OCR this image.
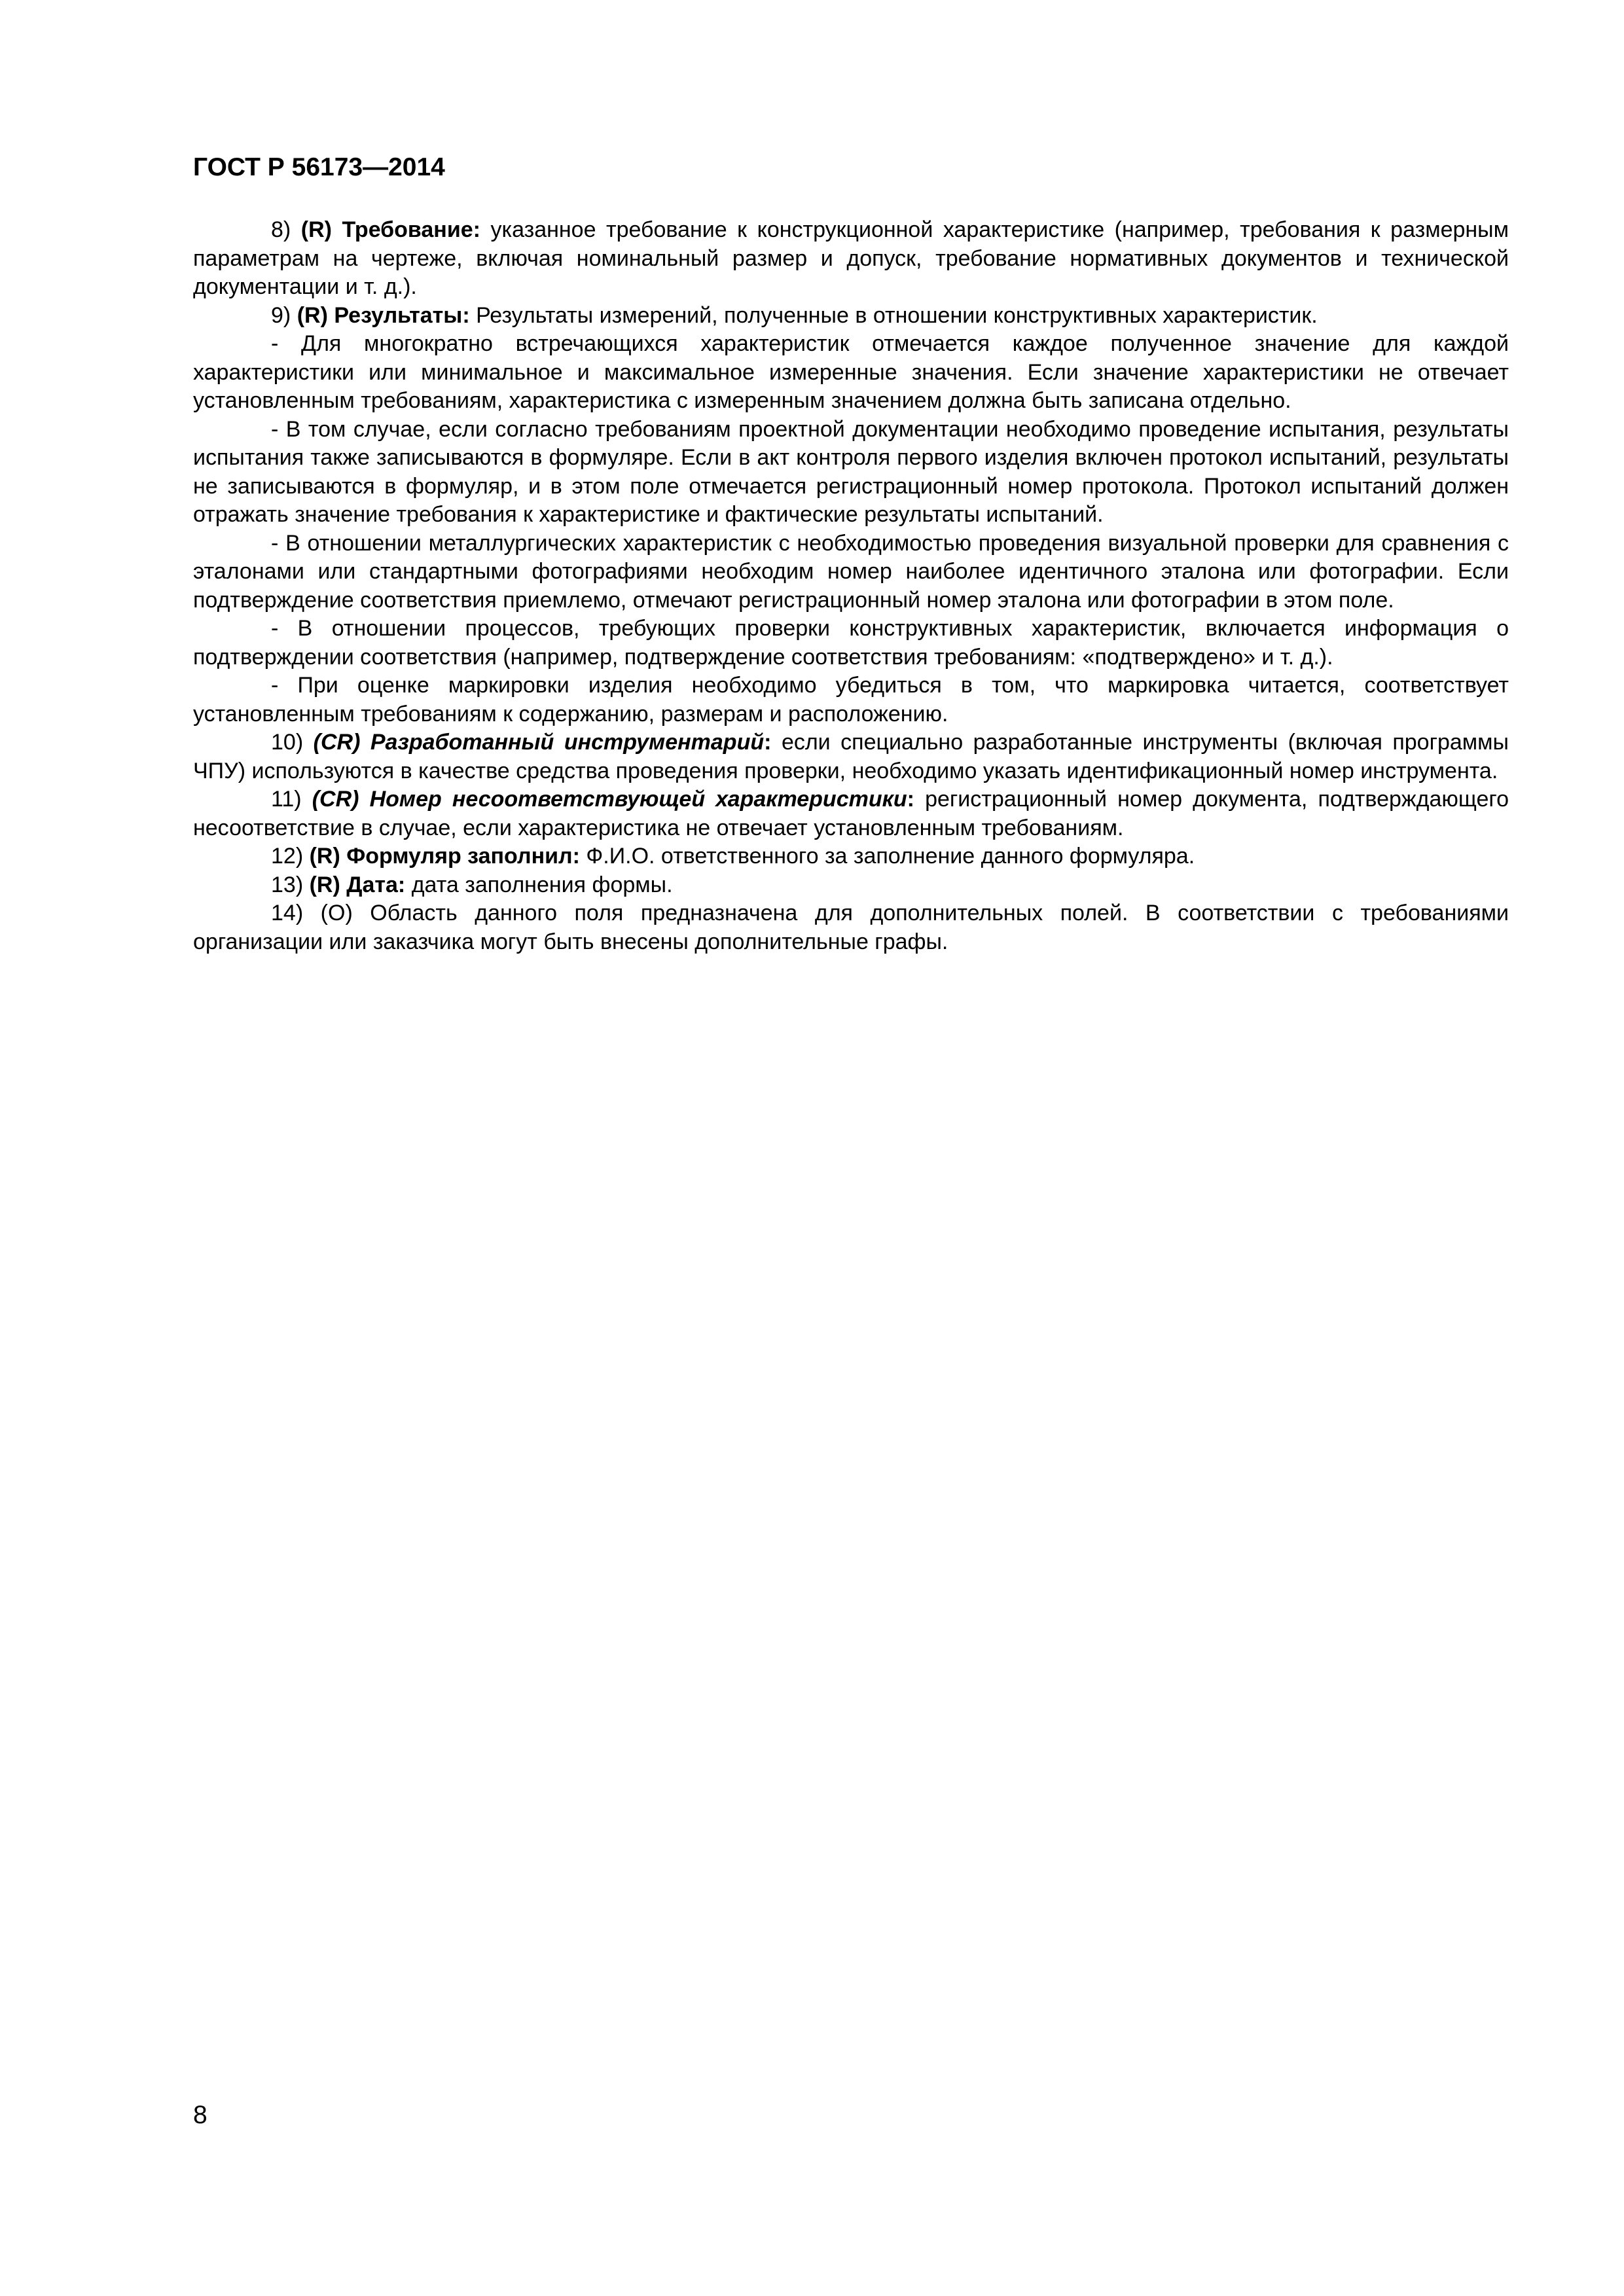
ГОСТ Р 56173—2014

8) (R) Требование: указанное требование к конструкционной характеристике (например, требования к размерным параметрам на чертеже, включая номинальный размер и допуск, требование нормативных документов и технической документации и т. д.).

9) (R) Результаты: Результаты измерений, полученные в отношении конструктивных характеристик.

- Для многократно встречающихся характеристик отмечается каждое полученное значение для каждой характеристики или минимальное и максимальное измеренные значения. Если значение характеристики не отвечает установленным требованиям, характеристика с измеренным значением должна быть записана отдельно.

- В том случае, если согласно требованиям проектной документации необходимо проведение испытания, результаты испытания также записываются в формуляре. Если в акт контроля первого изделия включен протокол испытаний, результаты не записываются в формуляр, и в этом поле отмечается регистрационный номер протокола. Протокол испытаний должен отражать значение требования к характеристике и фактические результаты испытаний.

- В отношении металлургических характеристик с необходимостью проведения визуальной проверки для сравнения с эталонами или стандартными фотографиями необходим номер наиболее идентичного эталона или фотографии. Если подтверждение соответствия приемлемо, отмечают регистрационный номер эталона или фотографии в этом поле.

- В отношении процессов, требующих проверки конструктивных характеристик, включается информация о подтверждении соответствия (например, подтверждение соответствия требованиям: «подтверждено» и т. д.).

- При оценке маркировки изделия необходимо убедиться в том, что маркировка читается, соответствует установленным требованиям к содержанию, размерам и расположению.

10) (CR) Разработанный инструментарий: если специально разработанные инструменты (включая программы ЧПУ) используются в качестве средства проведения проверки, необходимо указать идентификационный номер инструмента.

11) (CR) Номер несоответствующей характеристики: регистрационный номер документа, подтверждающего несоответствие в случае, если характеристика не отвечает установленным требованиям.

12) (R) Формуляр заполнил: Ф.И.О. ответственного за заполнение данного формуляра.

13) (R) Дата: дата заполнения формы.

14) (О) Область данного поля предназначена для дополнительных полей. В соответствии с требованиями организации или заказчика могут быть внесены дополнительные графы.

8
